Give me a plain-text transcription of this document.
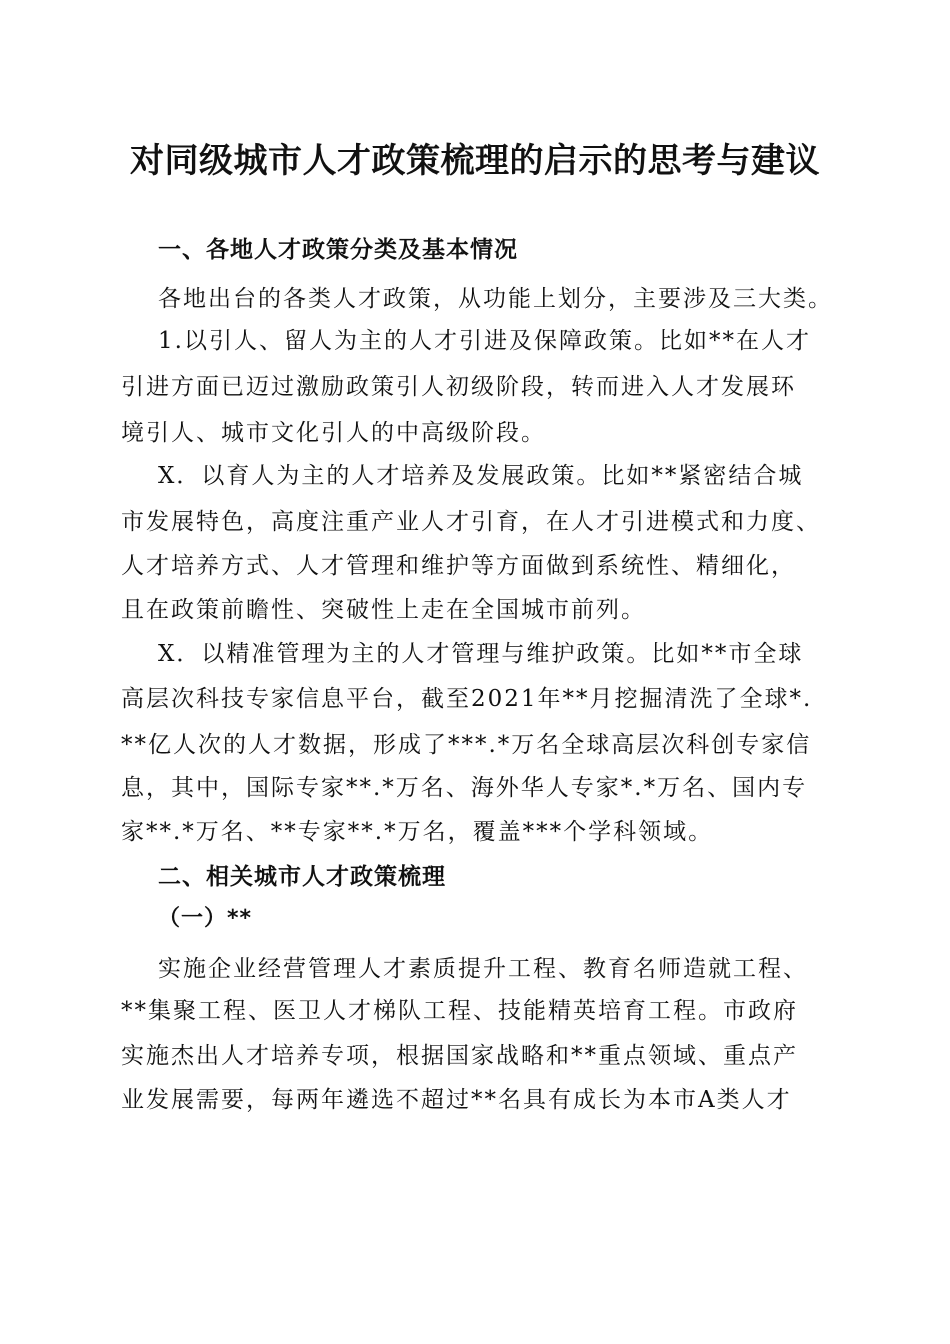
对同级城市人才政策梳理的启示的思考与建议
一、各地人才政策分类及基本情况
各地出台的各类人才政策，从功能上划分，主要涉及三大类。
1.以引人、留人为主的人才引进及保障政策。比如**在人才
引进方面已迈过激励政策引人初级阶段，转而进入人才发展环
境引人、城市文化引人的中高级阶段。
X．以育人为主的人才培养及发展政策。比如**紧密结合城
市发展特色，高度注重产业人才引育，在人才引进模式和力度、
人才培养方式、人才管理和维护等方面做到系统性、精细化，
且在政策前瞻性、突破性上走在全国城市前列。
X．以精准管理为主的人才管理与维护政策。比如**市全球
高层次科技专家信息平台，截至2021年**月挖掘清洗了全球*.
**亿人次的人才数据，形成了***.*万名全球高层次科创专家信
息，其中，国际专家**.*万名、海外华人专家*.*万名、国内专
家**.*万名、**专家**.*万名，覆盖***个学科领域。
二、相关城市人才政策梳理
（一）**
实施企业经营管理人才素质提升工程、教育名师造就工程、
**集聚工程、医卫人才梯队工程、技能精英培育工程。市政府
实施杰出人才培养专项，根据国家战略和**重点领域、重点产
业发展需要，每两年遴选不超过**名具有成长为本市A类人才
